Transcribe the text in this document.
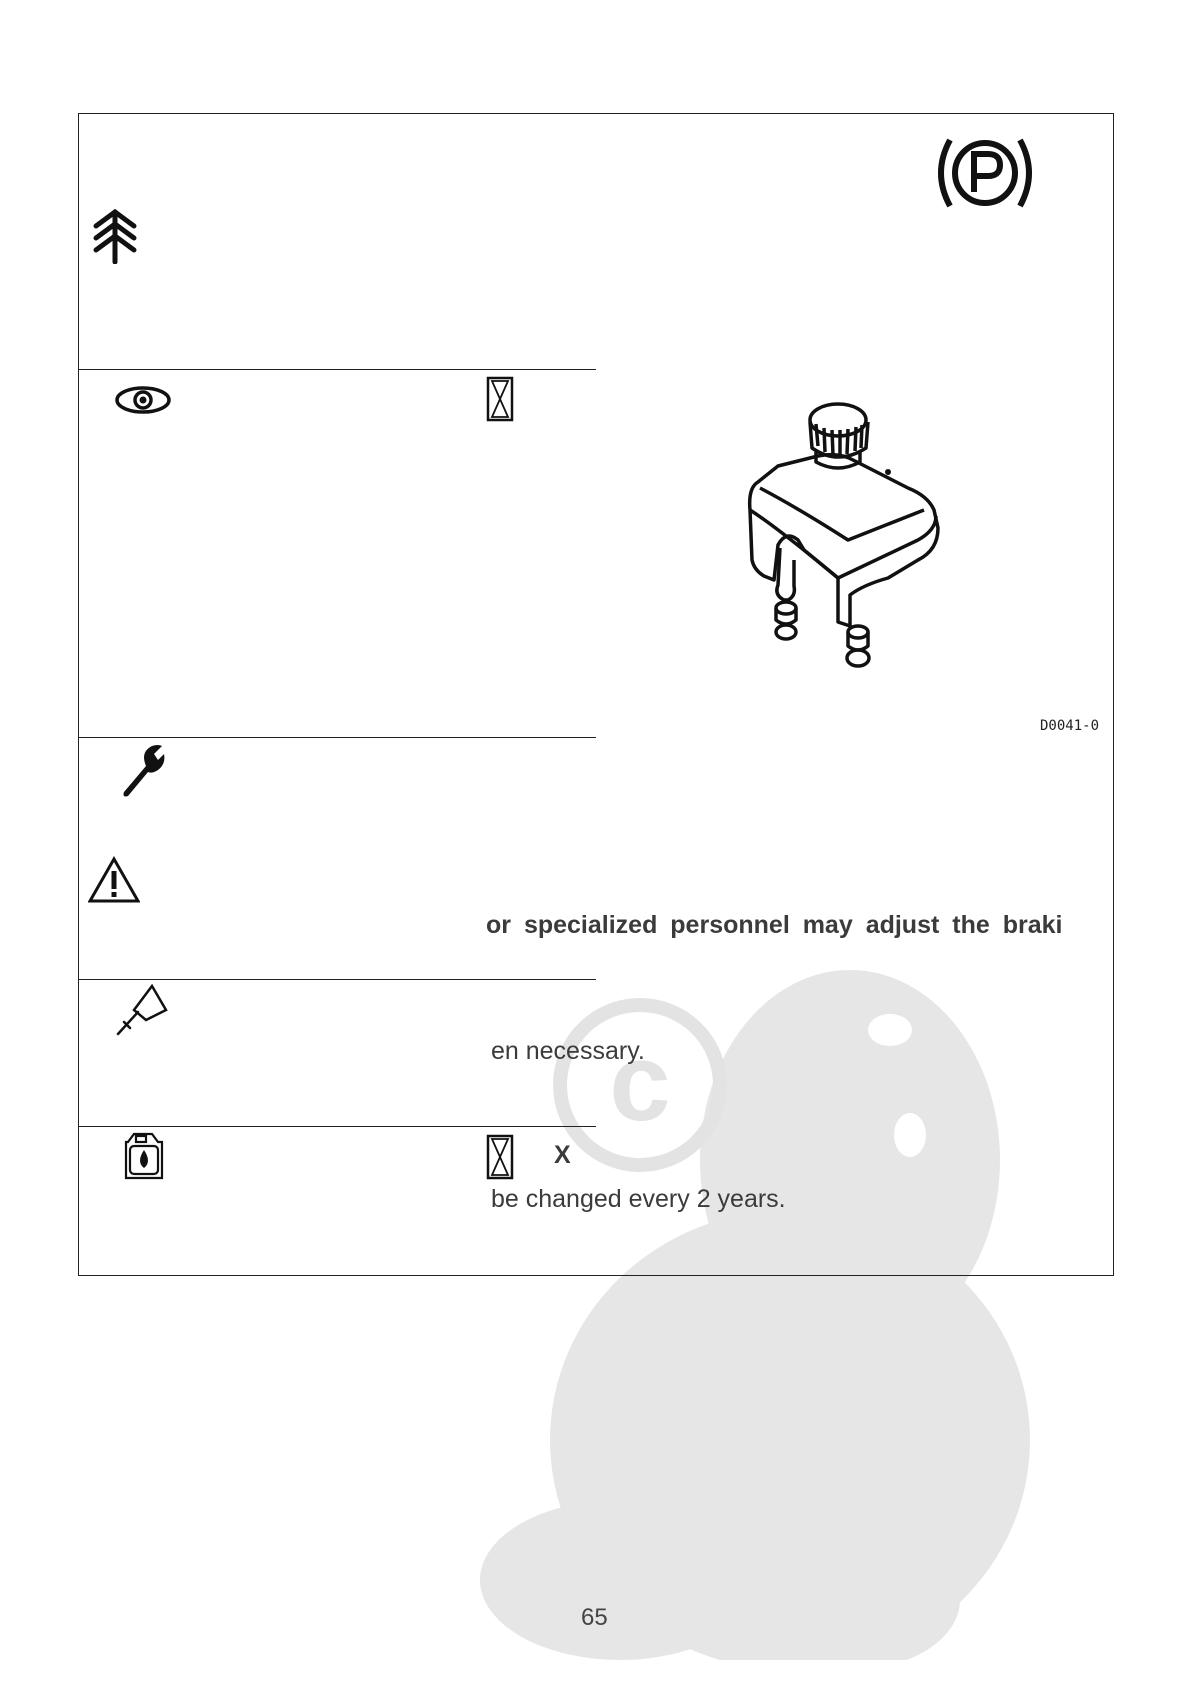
c
D0041-0
or specialized personnel may adjust the braki
en necessary.
X
be changed every 2 years.
65
